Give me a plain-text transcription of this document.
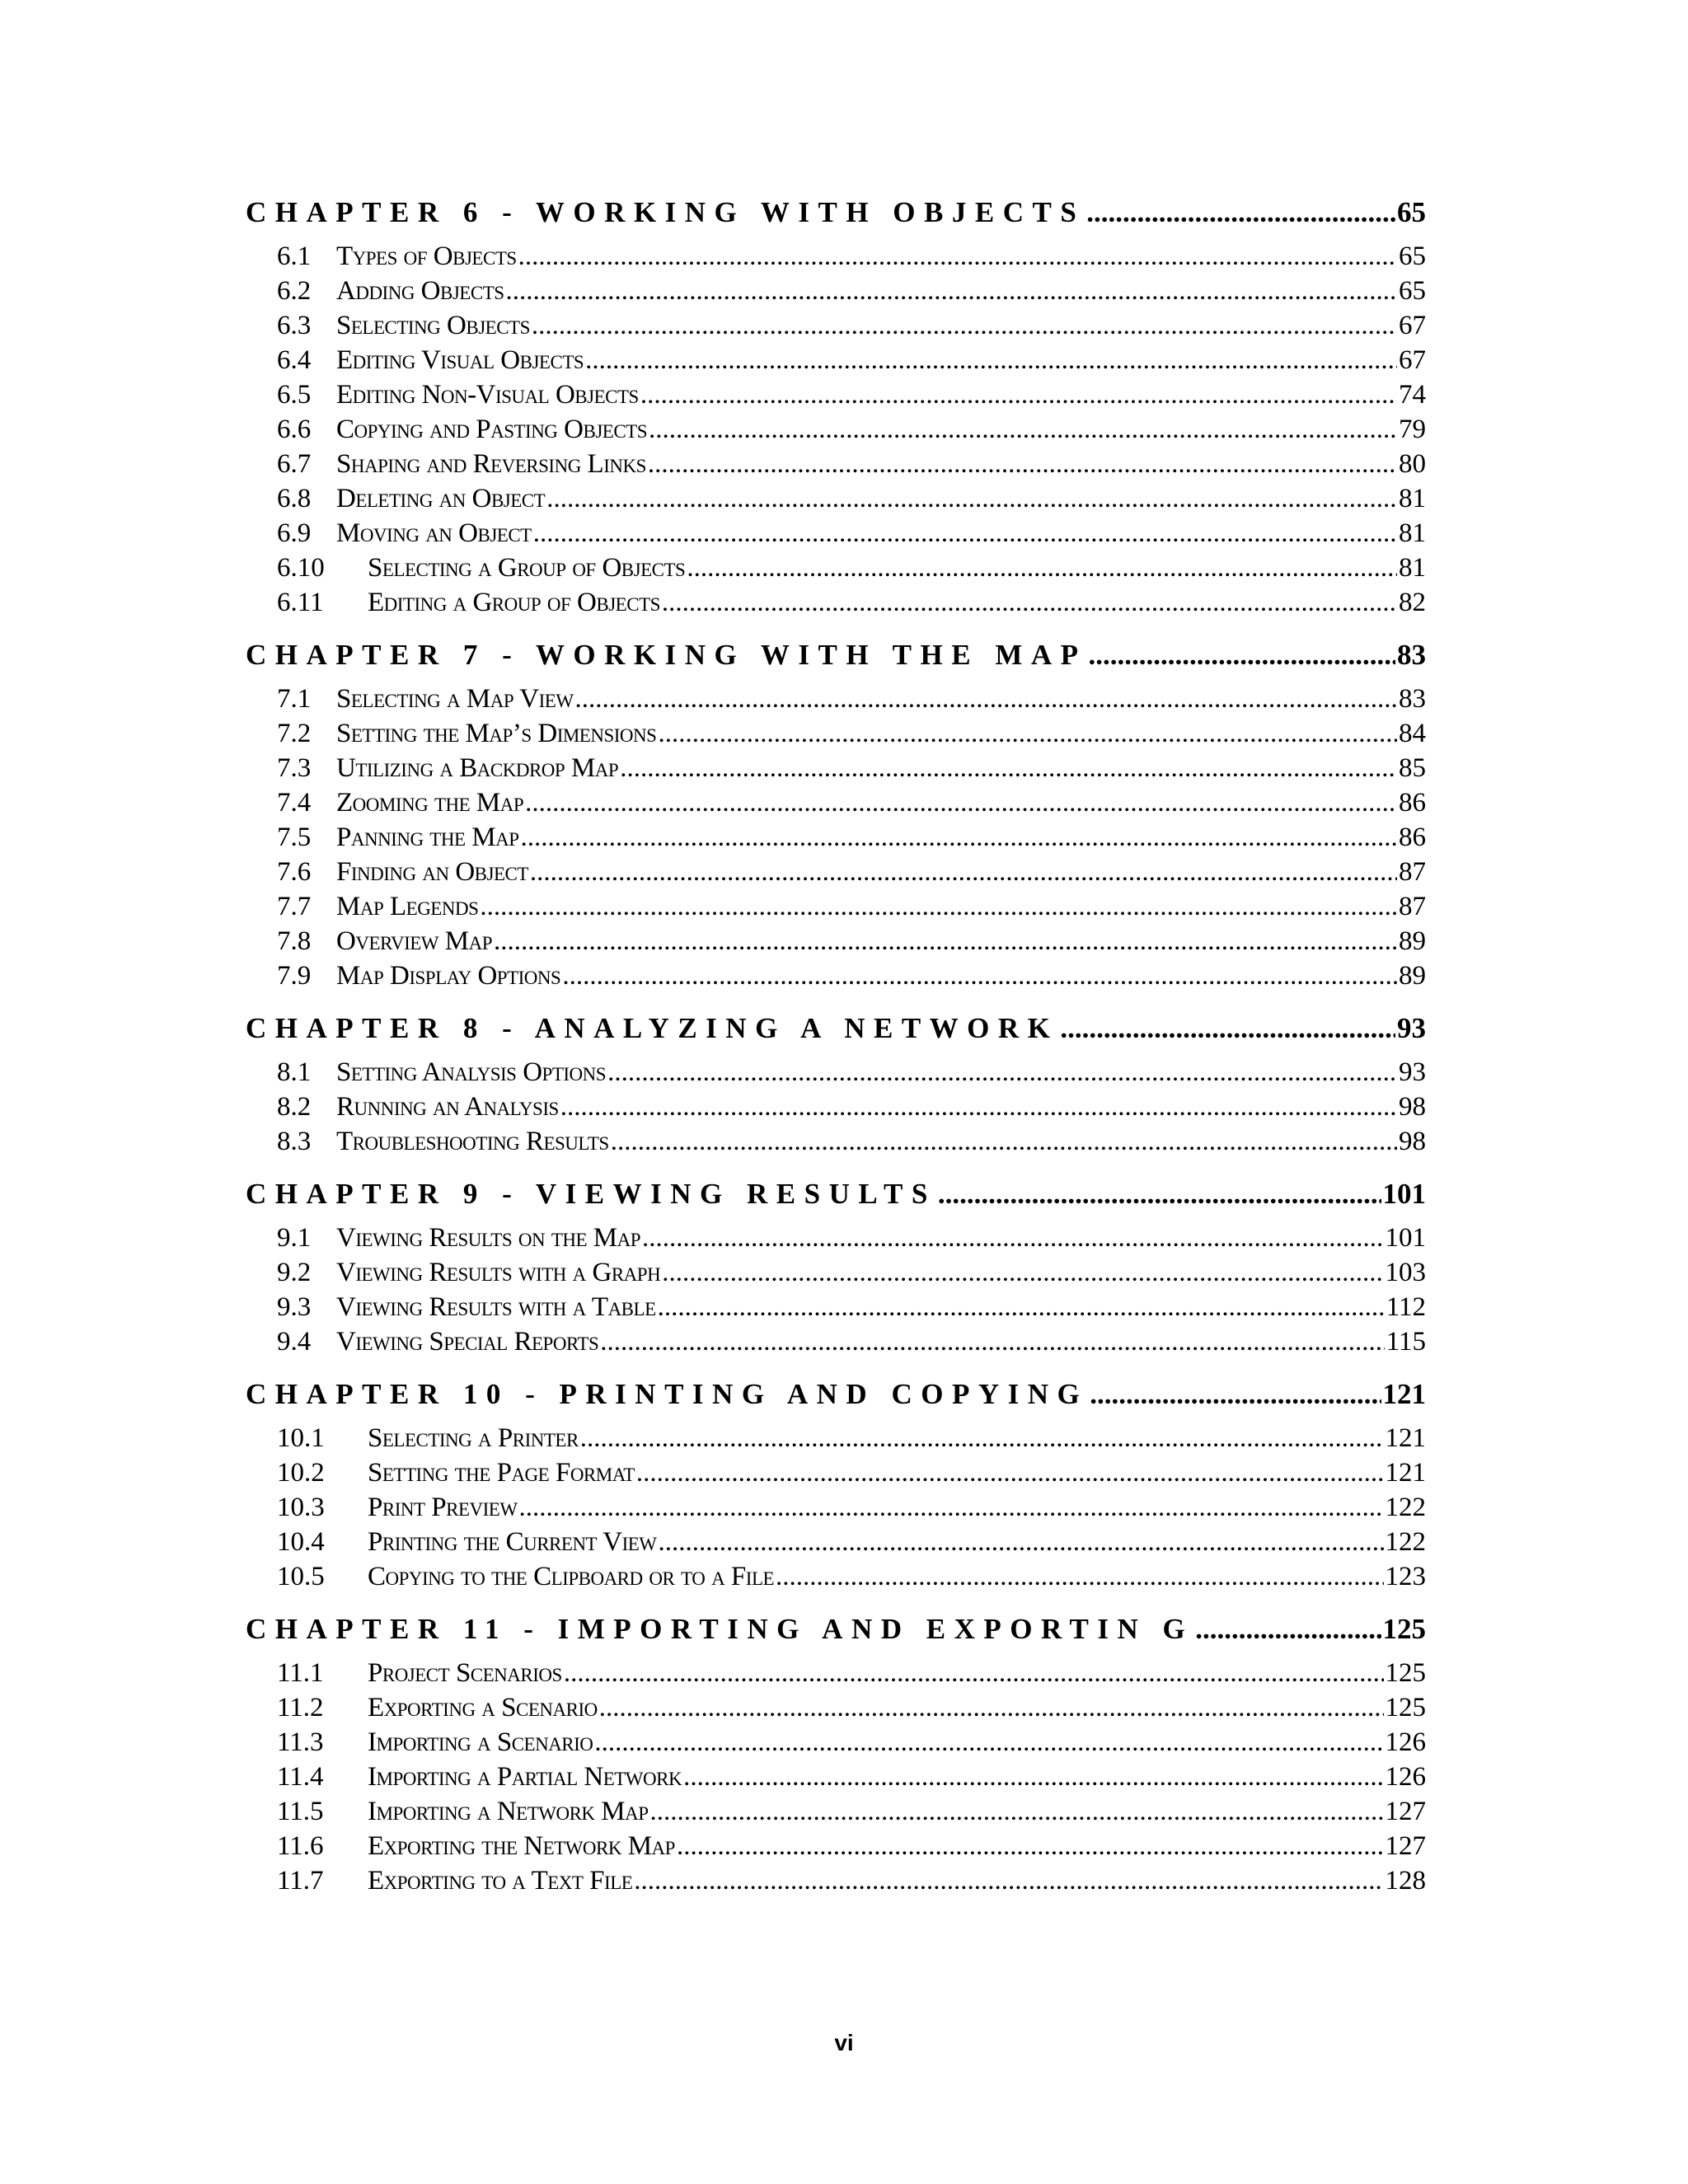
CHAPTER 6 - WORKING WITH OBJECTS .....	65
6.1 Types of Objects .....	65
6.2 Adding Objects .....	65
6.3 Selecting Objects .....	67
6.4 Editing Visual Objects .....	67
6.5 Editing Non-Visual Objects .....	74
6.6 Copying and Pasting Objects .....	79
6.7 Shaping and Reversing Links .....	80
6.8 Deleting an Object .....	81
6.9 Moving an Object .....	81
6.10	Selecting a Group of Objects .....	81
6.11	Editing a Group of Objects .....	82
CHAPTER 7 - WORKING WITH THE MAP .....	83
7.1 Selecting a Map View .....	83
7.2 Setting the Map’s Dimensions .....	84
7.3 Utilizing a Backdrop Map .....	85
7.4 Zooming the Map .....	86
7.5 Panning the Map .....	86
7.6 Finding an Object .....	87
7.7 Map Legends .....	87
7.8 Overview Map .....	89
7.9 Map Display Options .....	89
CHAPTER 8 - ANALYZING A NETWORK .....	93
8.1 Setting Analysis Options .....	93
8.2 Running an Analysis .....	98
8.3 Troubleshooting Results .....	98
CHAPTER 9 - VIEWING RESULTS .....	101
9.1 Viewing Results on the Map .....	101
9.2 Viewing Results with a Graph .....	103
9.3 Viewing Results with a Table .....	112
9.4 Viewing Special Reports .....	115
CHAPTER 10 - PRINTING AND COPYING .....	121
10.1	Selecting a Printer .....	121
10.2	Setting the Page Format .....	121
10.3	Print Preview .....	122
10.4	Printing the Current View .....	122
10.5	Copying to the Clipboard or to a File .....	123
CHAPTER 11 - IMPORTING AND EXPORTIN G .....	125
11.1	Project Scenarios .....	125
11.2	Exporting a Scenario .....	125
11.3	Importing a Scenario .....	126
11.4	Importing a Partial Network .....	126
11.5	Importing a Network Map .....	127
11.6	Exporting the Network Map .....	127
11.7	Exporting to a Text File .....	128
vi
